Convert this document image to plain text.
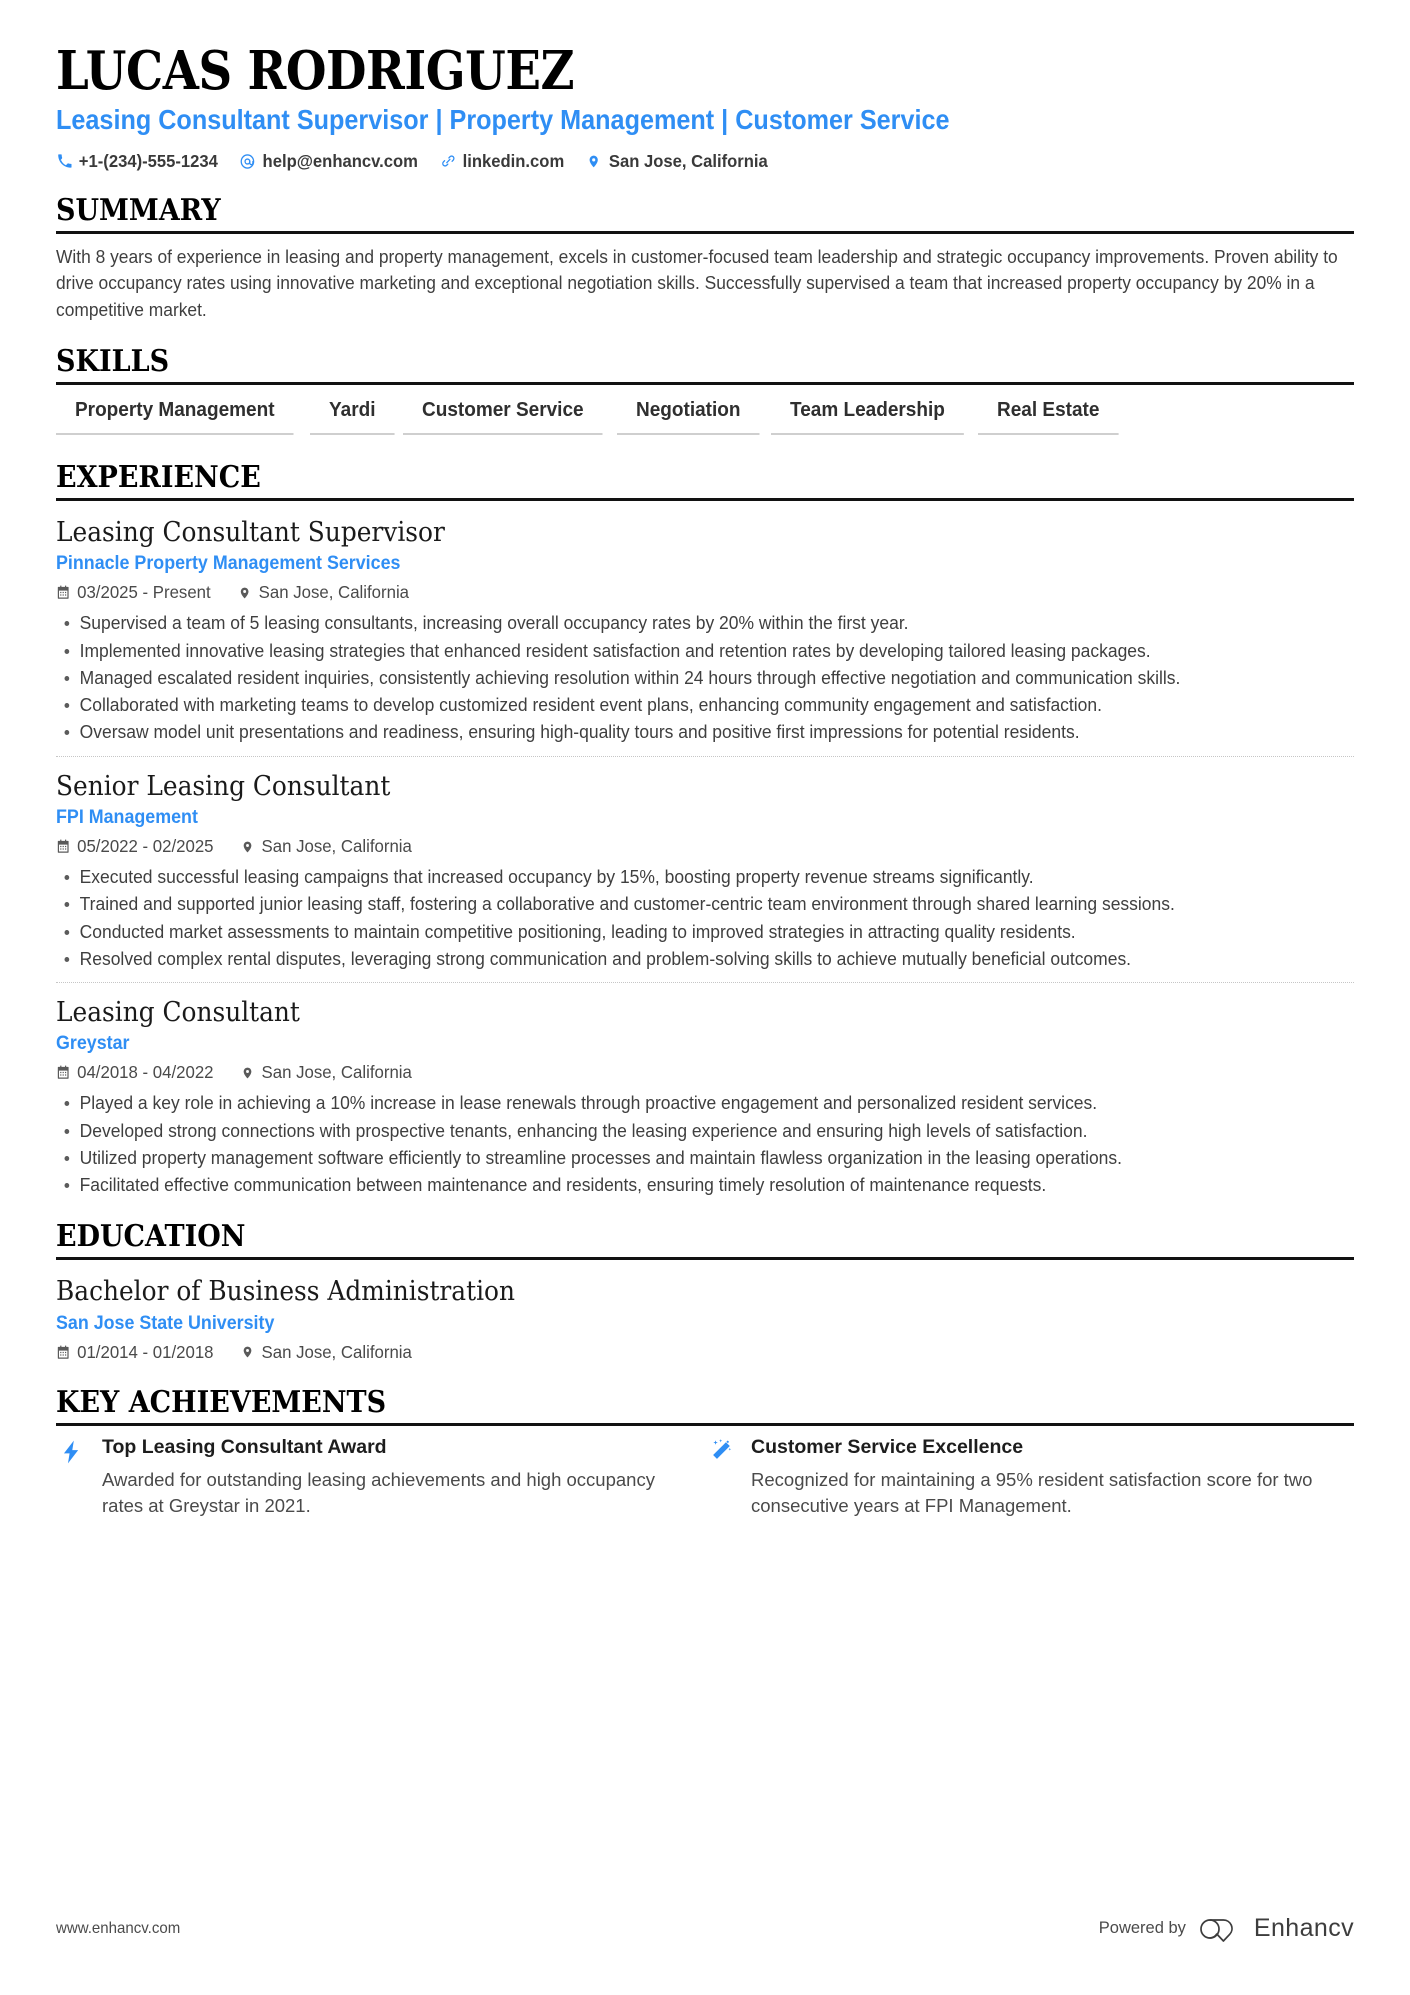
LUCAS RODRIGUEZ
Leasing Consultant Supervisor | Property Management | Customer Service
+1-(234)-555-1234	help@enhancv.com	linkedin.com	San Jose, California
SUMMARY
With 8 years of experience in leasing and property management, excels in customer-focused team leadership and strategic occupancy improvements. Proven ability to drive occupancy rates using innovative marketing and exceptional negotiation skills. Successfully supervised a team that increased property occupancy by 20% in a competitive market.
SKILLS
Property Management	Yardi	Customer Service	Negotiation	Team Leadership	Real Estate
EXPERIENCE
Leasing Consultant Supervisor
Pinnacle Property Management Services
03/2025 - Present	San Jose, California
Supervised a team of 5 leasing consultants, increasing overall occupancy rates by 20% within the first year.
Implemented innovative leasing strategies that enhanced resident satisfaction and retention rates by developing tailored leasing packages.
Managed escalated resident inquiries, consistently achieving resolution within 24 hours through effective negotiation and communication skills.
Collaborated with marketing teams to develop customized resident event plans, enhancing community engagement and satisfaction.
Oversaw model unit presentations and readiness, ensuring high-quality tours and positive first impressions for potential residents.
Senior Leasing Consultant
FPI Management
05/2022 - 02/2025	San Jose, California
Executed successful leasing campaigns that increased occupancy by 15%, boosting property revenue streams significantly.
Trained and supported junior leasing staff, fostering a collaborative and customer-centric team environment through shared learning sessions.
Conducted market assessments to maintain competitive positioning, leading to improved strategies in attracting quality residents.
Resolved complex rental disputes, leveraging strong communication and problem-solving skills to achieve mutually beneficial outcomes.
Leasing Consultant
Greystar
04/2018 - 04/2022	San Jose, California
Played a key role in achieving a 10% increase in lease renewals through proactive engagement and personalized resident services.
Developed strong connections with prospective tenants, enhancing the leasing experience and ensuring high levels of satisfaction.
Utilized property management software efficiently to streamline processes and maintain flawless organization in the leasing operations.
Facilitated effective communication between maintenance and residents, ensuring timely resolution of maintenance requests.
EDUCATION
Bachelor of Business Administration
San Jose State University
01/2014 - 01/2018	San Jose, California
KEY ACHIEVEMENTS
Top Leasing Consultant Award
Awarded for outstanding leasing achievements and high occupancy rates at Greystar in 2021.
Customer Service Excellence
Recognized for maintaining a 95% resident satisfaction score for two consecutive years at FPI Management.
www.enhancv.com	Powered by	Enhancv
